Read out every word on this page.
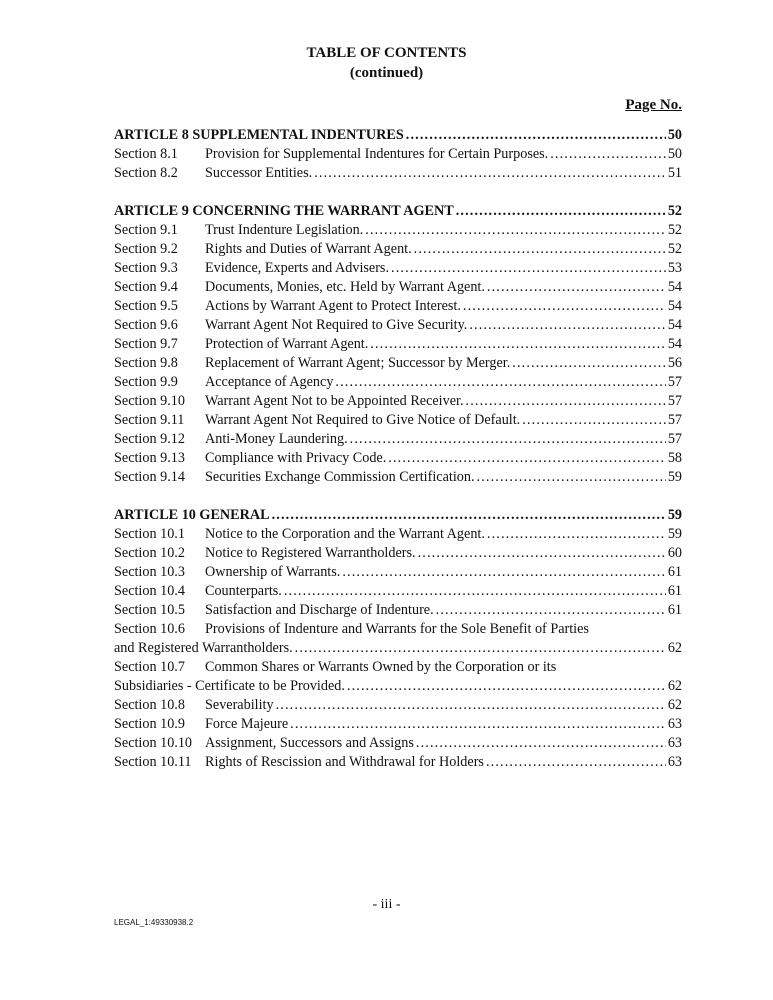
TABLE OF CONTENTS
(continued)
Page No.
ARTICLE 8 SUPPLEMENTAL INDENTURES . . .	50
Section 8.1	Provision for Supplemental Indentures for Certain Purposes. . . .	50
Section 8.2	Successor Entities. . . .	51
ARTICLE 9 CONCERNING THE WARRANT AGENT . . .	52
Section 9.1	Trust Indenture Legislation. . . .	52
Section 9.2	Rights and Duties of Warrant Agent. . . .	52
Section 9.3	Evidence, Experts and Advisers. . . .	53
Section 9.4	Documents, Monies, etc. Held by Warrant Agent. . . .	54
Section 9.5	Actions by Warrant Agent to Protect Interest. . . .	54
Section 9.6	Warrant Agent Not Required to Give Security. . . .	54
Section 9.7	Protection of Warrant Agent. . . .	54
Section 9.8	Replacement of Warrant Agent; Successor by Merger. . . .	56
Section 9.9	Acceptance of Agency . . .	57
Section 9.10	Warrant Agent Not to be Appointed Receiver. . . .	57
Section 9.11	Warrant Agent Not Required to Give Notice of Default. . . .	57
Section 9.12	Anti-Money Laundering. . . .	57
Section 9.13	Compliance with Privacy Code. . . .	58
Section 9.14	Securities Exchange Commission Certification. . . .	59
ARTICLE 10 GENERAL . . .	59
Section 10.1	Notice to the Corporation and the Warrant Agent. . . .	59
Section 10.2	Notice to Registered Warrantholders. . . .	60
Section 10.3	Ownership of Warrants. . . .	61
Section 10.4	Counterparts. . . .	61
Section 10.5	Satisfaction and Discharge of Indenture. . . .	61
Section 10.6	Provisions of Indenture and Warrants for the Sole Benefit of Parties
and Registered Warrantholders. . . .	62
Section 10.7	Common Shares or Warrants Owned by the Corporation or its
Subsidiaries - Certificate to be Provided. . . .	62
Section 10.8	Severability . . .	62
Section 10.9	Force Majeure . . .	63
Section 10.10 Assignment, Successors and Assigns . . .	63
Section 10.11 Rights of Rescission and Withdrawal for Holders . . .	63
- iii -
LEGAL_1:49330938.2
